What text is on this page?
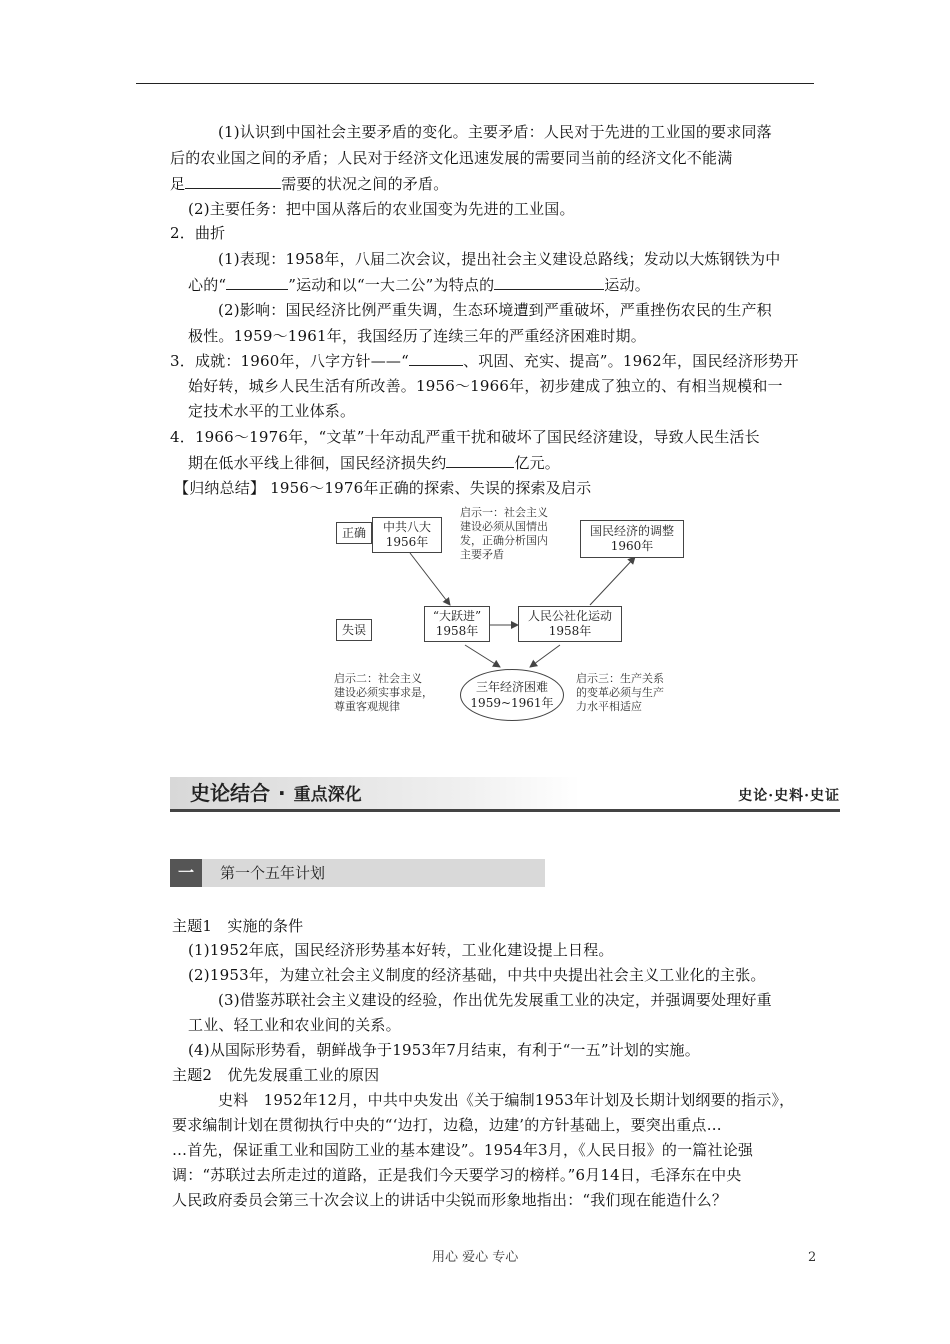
(1)认识到中国社会主要矛盾的变化。主要矛盾：人民对于先进的工业国的要求同落
后的农业国之间的矛盾；人民对于经济文化迅速发展的需要同当前的经济文化不能满
足	需要的状况之间的矛盾。
(2)主要任务：把中国从落后的农业国变为先进的工业国。
2．曲折
(1)表现：1958年，八届二次会议，提出社会主义建设总路线；发动以大炼钢铁为中
心的“	”运动和以“一大二公”为特点的	运动。
(2)影响：国民经济比例严重失调，生态环境遭到严重破坏，严重挫伤农民的生产积
极性。1959～1961年，我国经历了连续三年的严重经济困难时期。
3．成就：1960年，八字方针——“	、巩固、充实、提高”。1962年，国民经济形势开
始好转，城乡人民生活有所改善。1956～1966年，初步建成了独立的、有相当规模和一
定技术水平的工业体系。
4．1966～1976年，“文革”十年动乱严重干扰和破坏了国民经济建设，导致人民生活长
期在低水平线上徘徊，国民经济损失约	亿元。
【归纳总结】 1956～1976年正确的探索、失误的探索及启示
正确
失误
中共八大
1956年
启示一：社会主义
建设必须从国情出
发，正确分析国内
主要矛盾
国民经济的调整
1960年
“大跃进”
1958年
人民公社化运动
1958年
启示二：社会主义
建设必须实事求是，
尊重客观规律
三年经济困难
1959~1961年
启示三：生产关系
的变革必须与生产
力水平相适应
史论结合 · 重点深化	史论·史料·史证
一	第一个五年计划
主题1　实施的条件
(1)1952年底，国民经济形势基本好转，工业化建设提上日程。
(2)1953年，为建立社会主义制度的经济基础，中共中央提出社会主义工业化的主张。
(3)借鉴苏联社会主义建设的经验，作出优先发展重工业的决定，并强调要处理好重
工业、轻工业和农业间的关系。
(4)从国际形势看，朝鲜战争于1953年7月结束，有利于“一五”计划的实施。
主题2　优先发展重工业的原因
史料　1952年12月，中共中央发出《关于编制1953年计划及长期计划纲要的指示》，
要求编制计划在贯彻执行中央的“‘边打，边稳，边建’的方针基础上，要突出重点…
…首先，保证重工业和国防工业的基本建设”。1954年3月，《人民日报》的一篇社论强
调：“苏联过去所走过的道路，正是我们今天要学习的榜样。”6月14日，毛泽东在中央
人民政府委员会第三十次会议上的讲话中尖锐而形象地指出：“我们现在能造什么？
用心 爱心 专心	2
